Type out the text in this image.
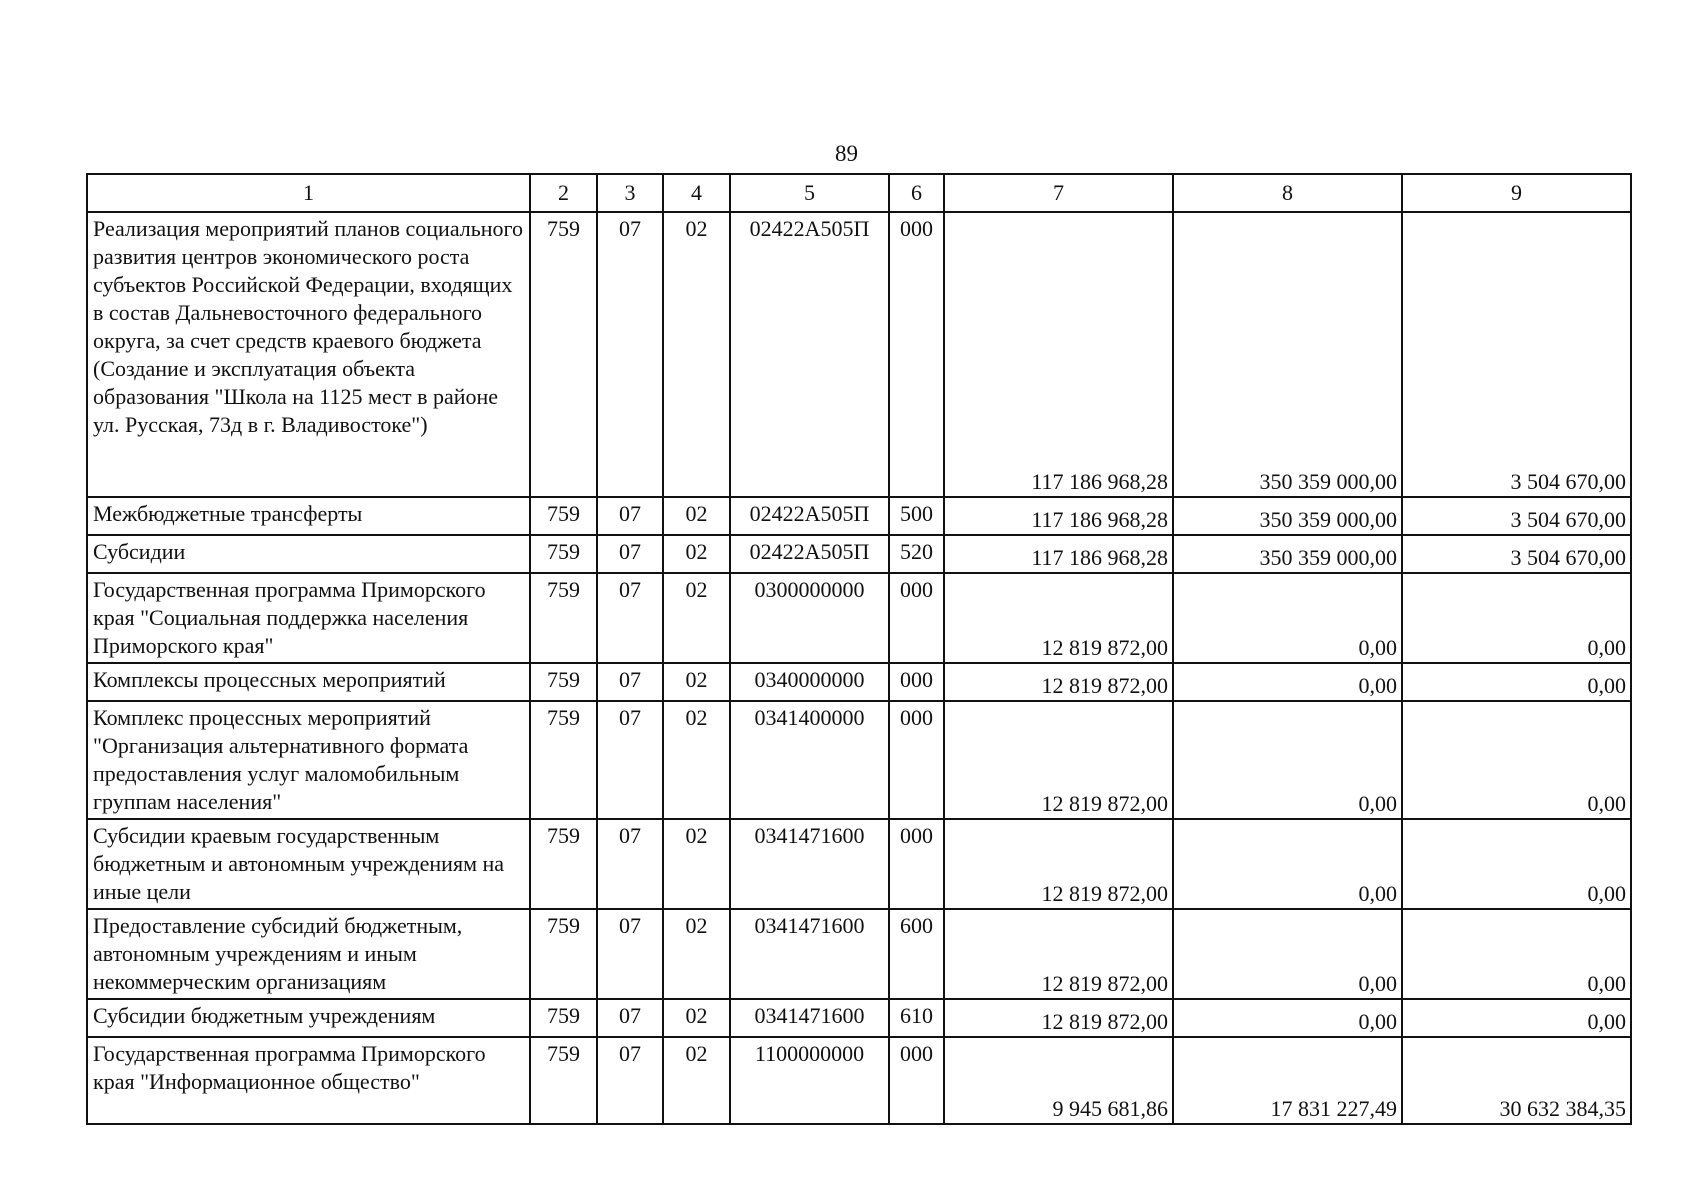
89
1	2	3	4	5	6	7	8	9
Реализация мероприятий планов социального развития центров экономического роста субъектов Российской Федерации, входящих в состав Дальневосточного федерального округа, за счет средств краевого бюджета (Создание и эксплуатация объекта образования "Школа на 1125 мест в районе ул. Русская, 73д в г. Владивостоке")	759	07	02	02422A505П	000	117 186 968,28	350 359 000,00	3 504 670,00
Межбюджетные трансферты	759	07	02	02422A505П	500	117 186 968,28	350 359 000,00	3 504 670,00
Субсидии	759	07	02	02422A505П	520	117 186 968,28	350 359 000,00	3 504 670,00
Государственная программа Приморского края "Социальная поддержка населения Приморского края"	759	07	02	0300000000	000	12 819 872,00	0,00	0,00
Комплексы процессных мероприятий	759	07	02	0340000000	000	12 819 872,00	0,00	0,00
Комплекс процессных мероприятий "Организация альтернативного формата предоставления услуг маломобильным группам населения"	759	07	02	0341400000	000	12 819 872,00	0,00	0,00
Субсидии краевым государственным бюджетным и автономным учреждениям на иные цели	759	07	02	0341471600	000	12 819 872,00	0,00	0,00
Предоставление субсидий бюджетным, автономным учреждениям и иным некоммерческим организациям	759	07	02	0341471600	600	12 819 872,00	0,00	0,00
Субсидии бюджетным учреждениям	759	07	02	0341471600	610	12 819 872,00	0,00	0,00
Государственная программа Приморского края "Информационное общество"	759	07	02	1100000000	000	9 945 681,86	17 831 227,49	30 632 384,35
